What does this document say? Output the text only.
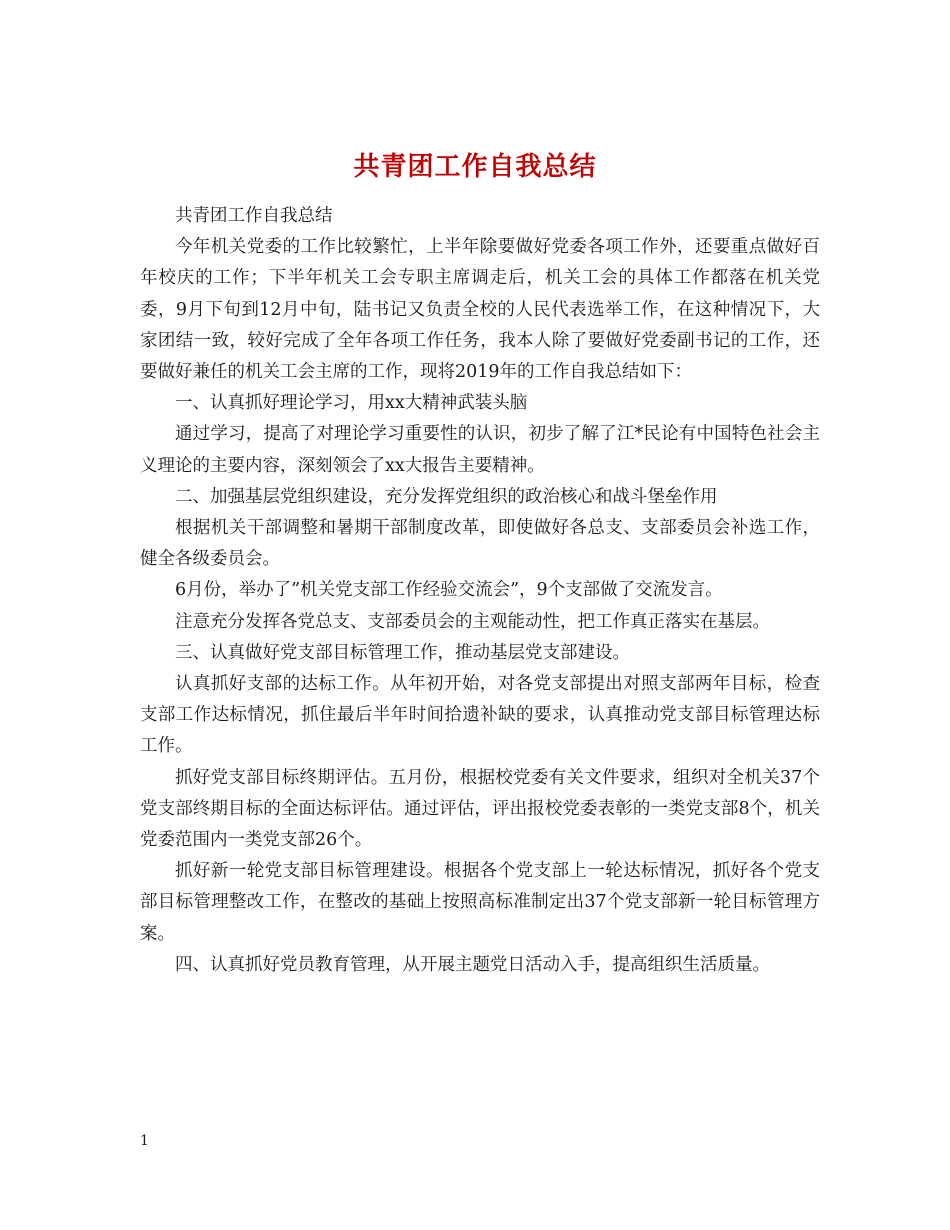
共青团工作自我总结

共青团工作自我总结

今年机关党委的工作比较繁忙，上半年除要做好党委各项工作外，还要重点做好百年校庆的工作；下半年机关工会专职主席调走后，机关工会的具体工作都落在机关党委，9月下旬到12月中旬，陆书记又负责全校的人民代表选举工作，在这种情况下，大家团结一致，较好完成了全年各项工作任务，我本人除了要做好党委副书记的工作，还要做好兼任的机关工会主席的工作，现将2019年的工作自我总结如下：

一、认真抓好理论学习，用xx大精神武装头脑

通过学习，提高了对理论学习重要性的认识，初步了解了江*民论有中国特色社会主义理论的主要内容，深刻领会了xx大报告主要精神。

二、加强基层党组织建设，充分发挥党组织的政治核心和战斗堡垒作用

根据机关干部调整和暑期干部制度改革，即使做好各总支、支部委员会补选工作，健全各级委员会。

6月份，举办了”机关党支部工作经验交流会”，9个支部做了交流发言。

注意充分发挥各党总支、支部委员会的主观能动性，把工作真正落实在基层。

三、认真做好党支部目标管理工作，推动基层党支部建设。

认真抓好支部的达标工作。从年初开始，对各党支部提出对照支部两年目标，检查支部工作达标情况，抓住最后半年时间拾遗补缺的要求，认真推动党支部目标管理达标工作。

抓好党支部目标终期评估。五月份，根据校党委有关文件要求，组织对全机关37个党支部终期目标的全面达标评估。通过评估，评出报校党委表彰的一类党支部8个，机关党委范围内一类党支部26个。

抓好新一轮党支部目标管理建设。根据各个党支部上一轮达标情况，抓好各个党支部目标管理整改工作，在整改的基础上按照高标准制定出37个党支部新一轮目标管理方案。

四、认真抓好党员教育管理，从开展主题党日活动入手，提高组织生活质量。

1
